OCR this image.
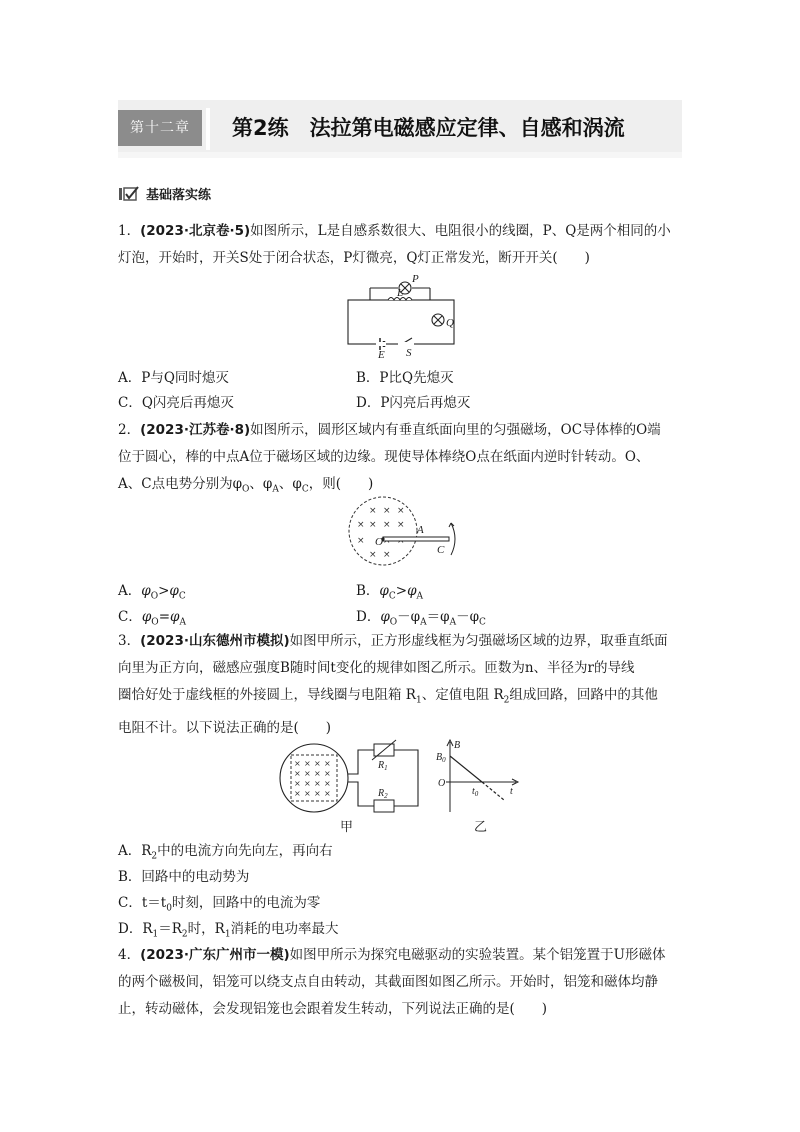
第十二章	第2练　法拉第电磁感应定律、自感和涡流
基础落实练
1．(2023·北京卷·5)如图所示，L是自感系数很大、电阻很小的线圈，P、Q是两个相同的小
灯泡，开始时，开关S处于闭合状态，P灯微亮，Q灯正常发光，断开开关(　　)
P
L
Q
E S
A．P与Q同时熄灭	B．P比Q先熄灭
C．Q闪亮后再熄灭	D．P闪亮后再熄灭
2．(2023·江苏卷·8)如图所示，圆形区域内有垂直纸面向里的匀强磁场，OC导体棒的O端
位于圆心，棒的中点A位于磁场区域的边缘。现使导体棒绕O点在纸面内逆时针转动。O、
A、C点电势分别为$\varphi_O$、$\varphi_A$、$\varphi_C$，则(　　)
× × ×
× × × ×
×
× ×
O
A
C
A．$\varphi_O>\varphi_C$	B．$\varphi_C>\varphi_A$
C．$\varphi_O=\varphi_A$	D．$\varphi_O-\varphi_A=\varphi_A-\varphi_C$
3．(2023·山东德州市模拟)如图甲所示，正方形虚线框为匀强磁场区域的边界，取垂直纸面
向里为正方向，磁感应强度B随时间t变化的规律如图乙所示。匝数为n、半径为r的导线
圈恰好处于虚线框的外接圆上，导线圈与电阻箱 $R_1$、定值电阻 $R_2$组成回路，回路中的其他
电阻不计。以下说法正确的是(　　)
× × × ×
× × × ×
× × × ×
× × × ×
$R_1$
$R_2$
B
$B_0$
O
$t_0$	t
甲	乙
A．$R_2$中的电流方向先向左，再向右
B．回路中的电动势为
C．$t=t_0$时刻，回路中的电流为零
D．$R_1=R_2$时，$R_1$消耗的电功率最大
4．(2023·广东广州市一模)如图甲所示为探究电磁驱动的实验装置。某个铝笼置于U形磁体
的两个磁极间，铝笼可以绕支点自由转动，其截面图如图乙所示。开始时，铝笼和磁体均静
止，转动磁体，会发现铝笼也会跟着发生转动，下列说法正确的是(　　)
